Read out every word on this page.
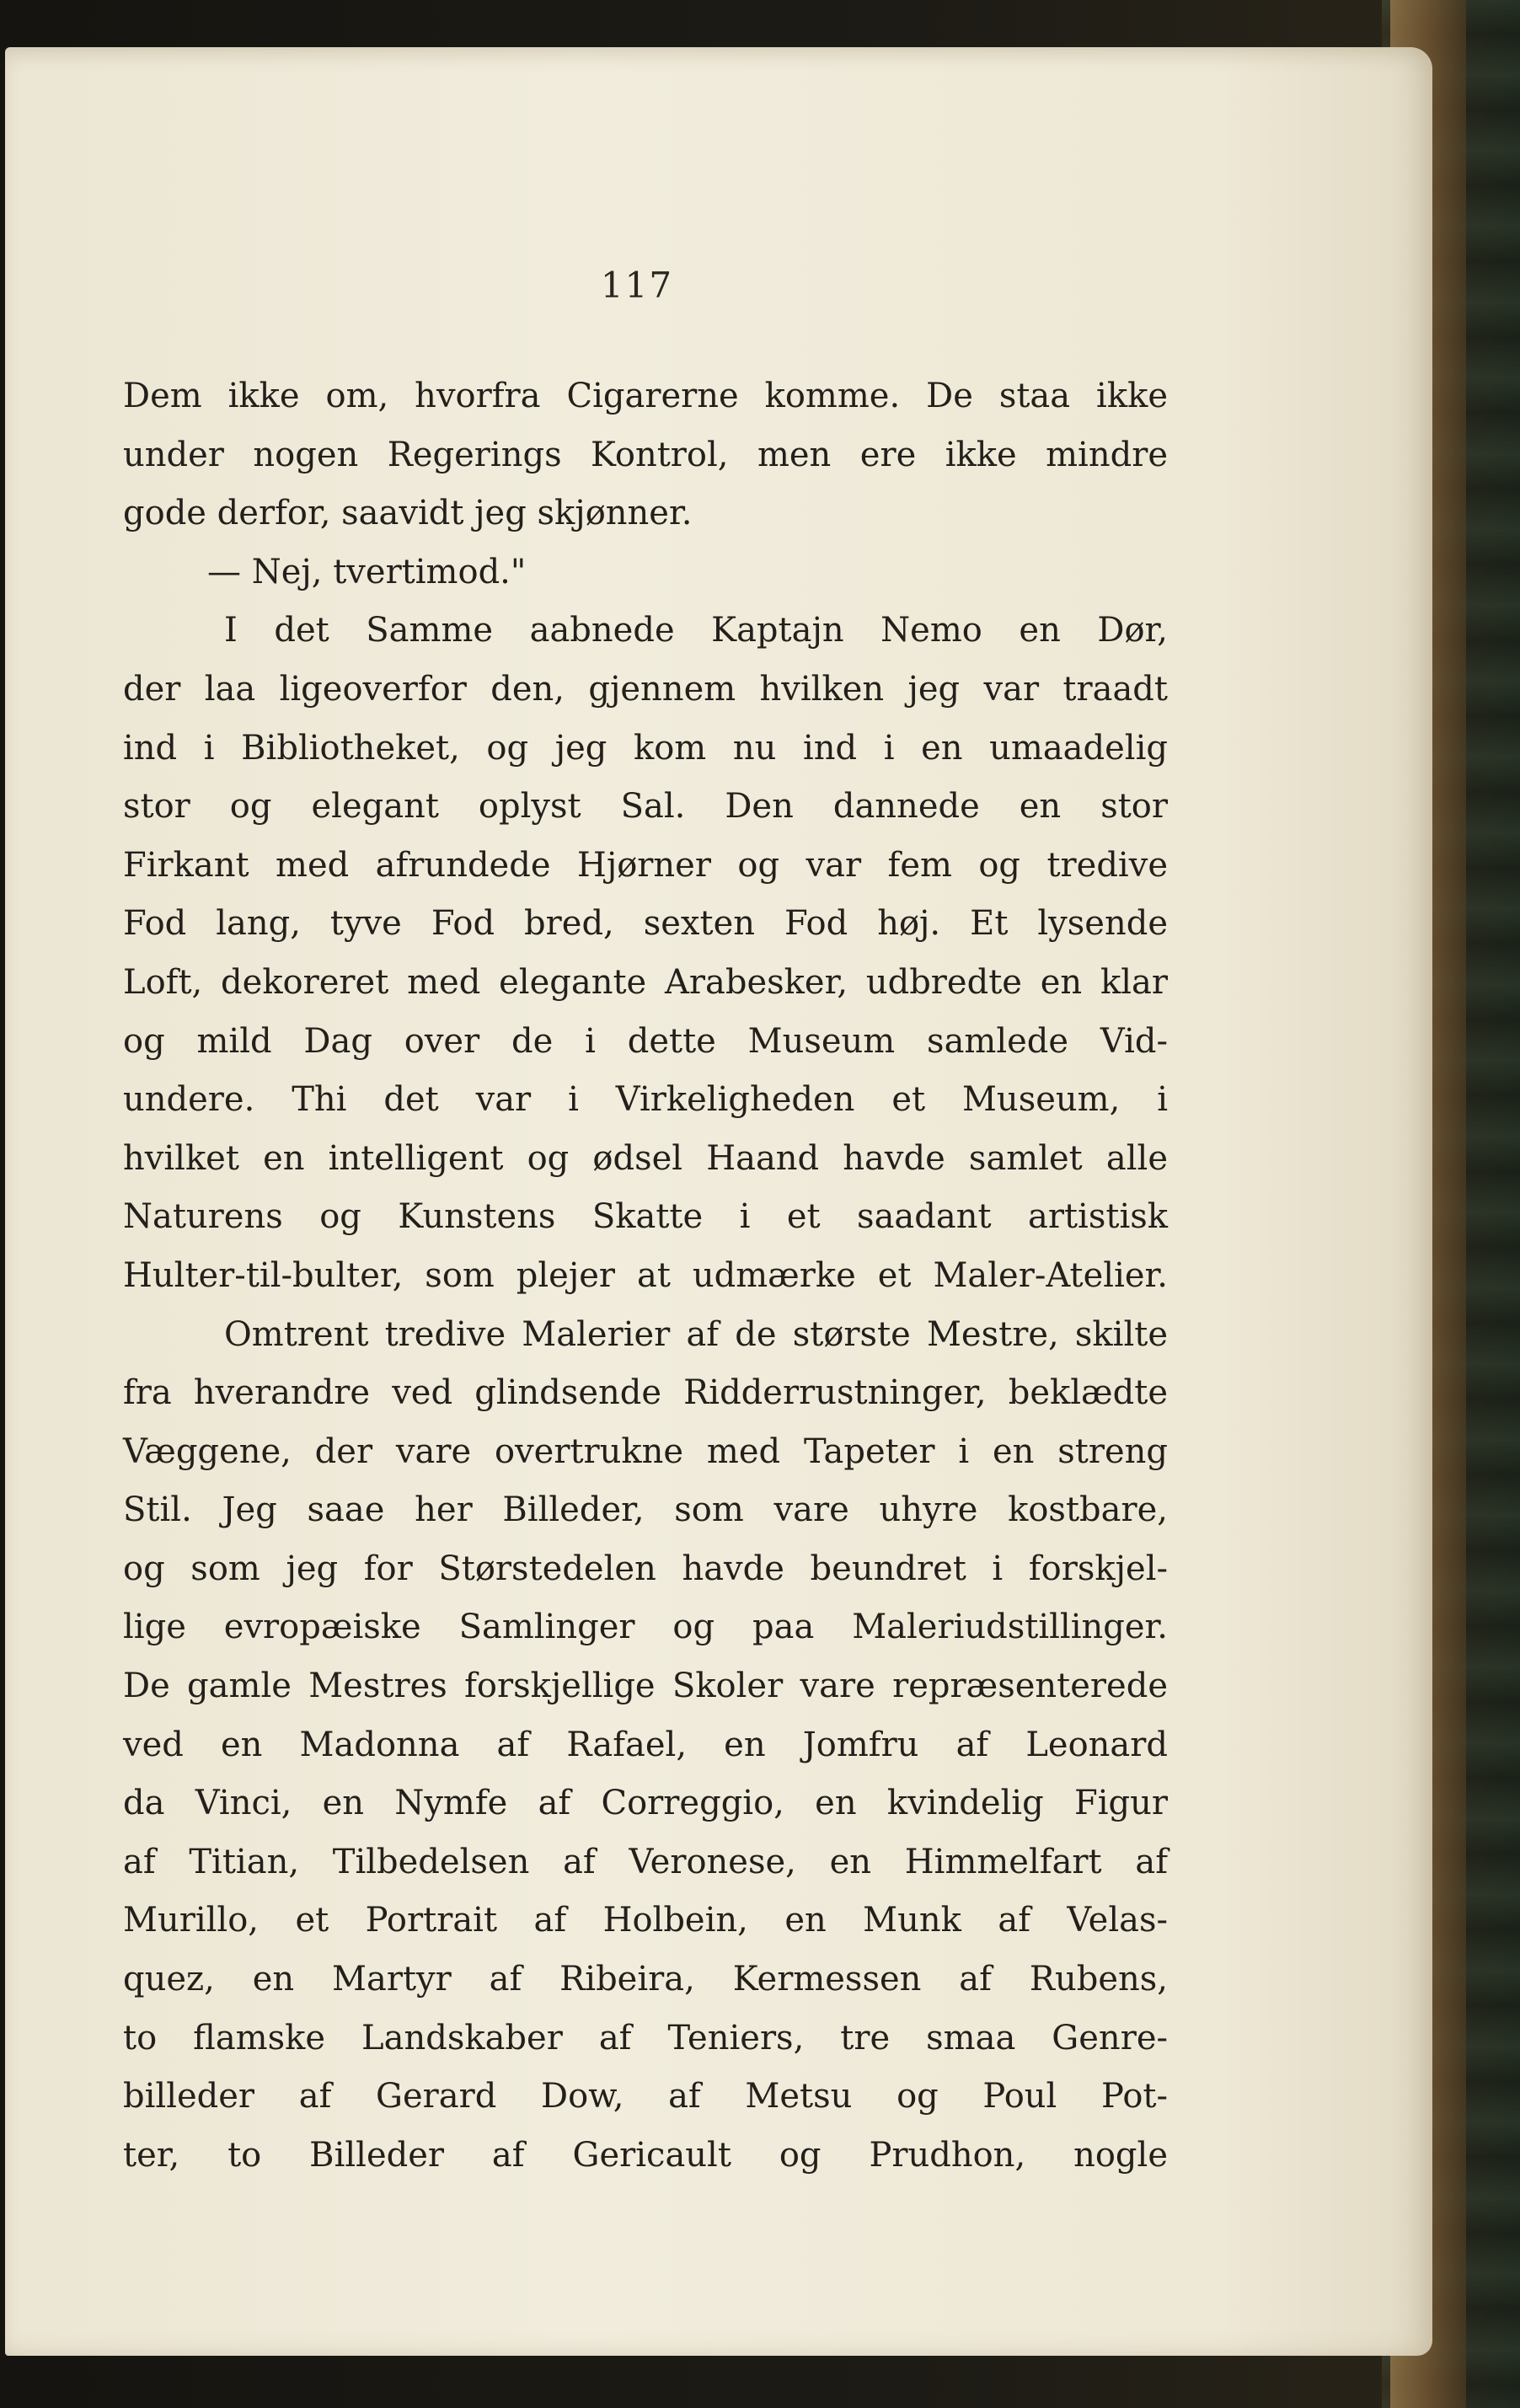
117
Dem ikke om, hvorfra Cigarerne komme. De staa ikke
under nogen Regerings Kontrol, men ere ikke mindre
gode derfor, saavidt jeg skjønner.
— Nej, tvertimod."
I det Samme aabnede Kaptajn Nemo en Dør,
der laa ligeoverfor den, gjennem hvilken jeg var traadt
ind i Bibliotheket, og jeg kom nu ind i en umaadelig
stor og elegant oplyst Sal. Den dannede en stor
Firkant med afrundede Hjørner og var fem og tredive
Fod lang, tyve Fod bred, sexten Fod høj. Et lysende
Loft, dekoreret med elegante Arabesker, udbredte en klar
og mild Dag over de i dette Museum samlede Vid-
undere. Thi det var i Virkeligheden et Museum, i
hvilket en intelligent og ødsel Haand havde samlet alle
Naturens og Kunstens Skatte i et saadant artistisk
Hulter-til-bulter, som plejer at udmærke et Maler-Atelier.
Omtrent tredive Malerier af de største Mestre, skilte
fra hverandre ved glindsende Ridderrustninger, beklædte
Væggene, der vare overtrukne med Tapeter i en streng
Stil. Jeg saae her Billeder, som vare uhyre kostbare,
og som jeg for Størstedelen havde beundret i forskjel-
lige evropæiske Samlinger og paa Maleriudstillinger.
De gamle Mestres forskjellige Skoler vare repræsenterede
ved en Madonna af Rafael, en Jomfru af Leonard
da Vinci, en Nymfe af Correggio, en kvindelig Figur
af Titian, Tilbedelsen af Veronese, en Himmelfart af
Murillo, et Portrait af Holbein, en Munk af Velas-
quez, en Martyr af Ribeira, Kermessen af Rubens,
to flamske Landskaber af Teniers, tre smaa Genre-
billeder af Gerard Dow, af Metsu og Poul Pot-
ter, to Billeder af Gericault og Prudhon, nogle
